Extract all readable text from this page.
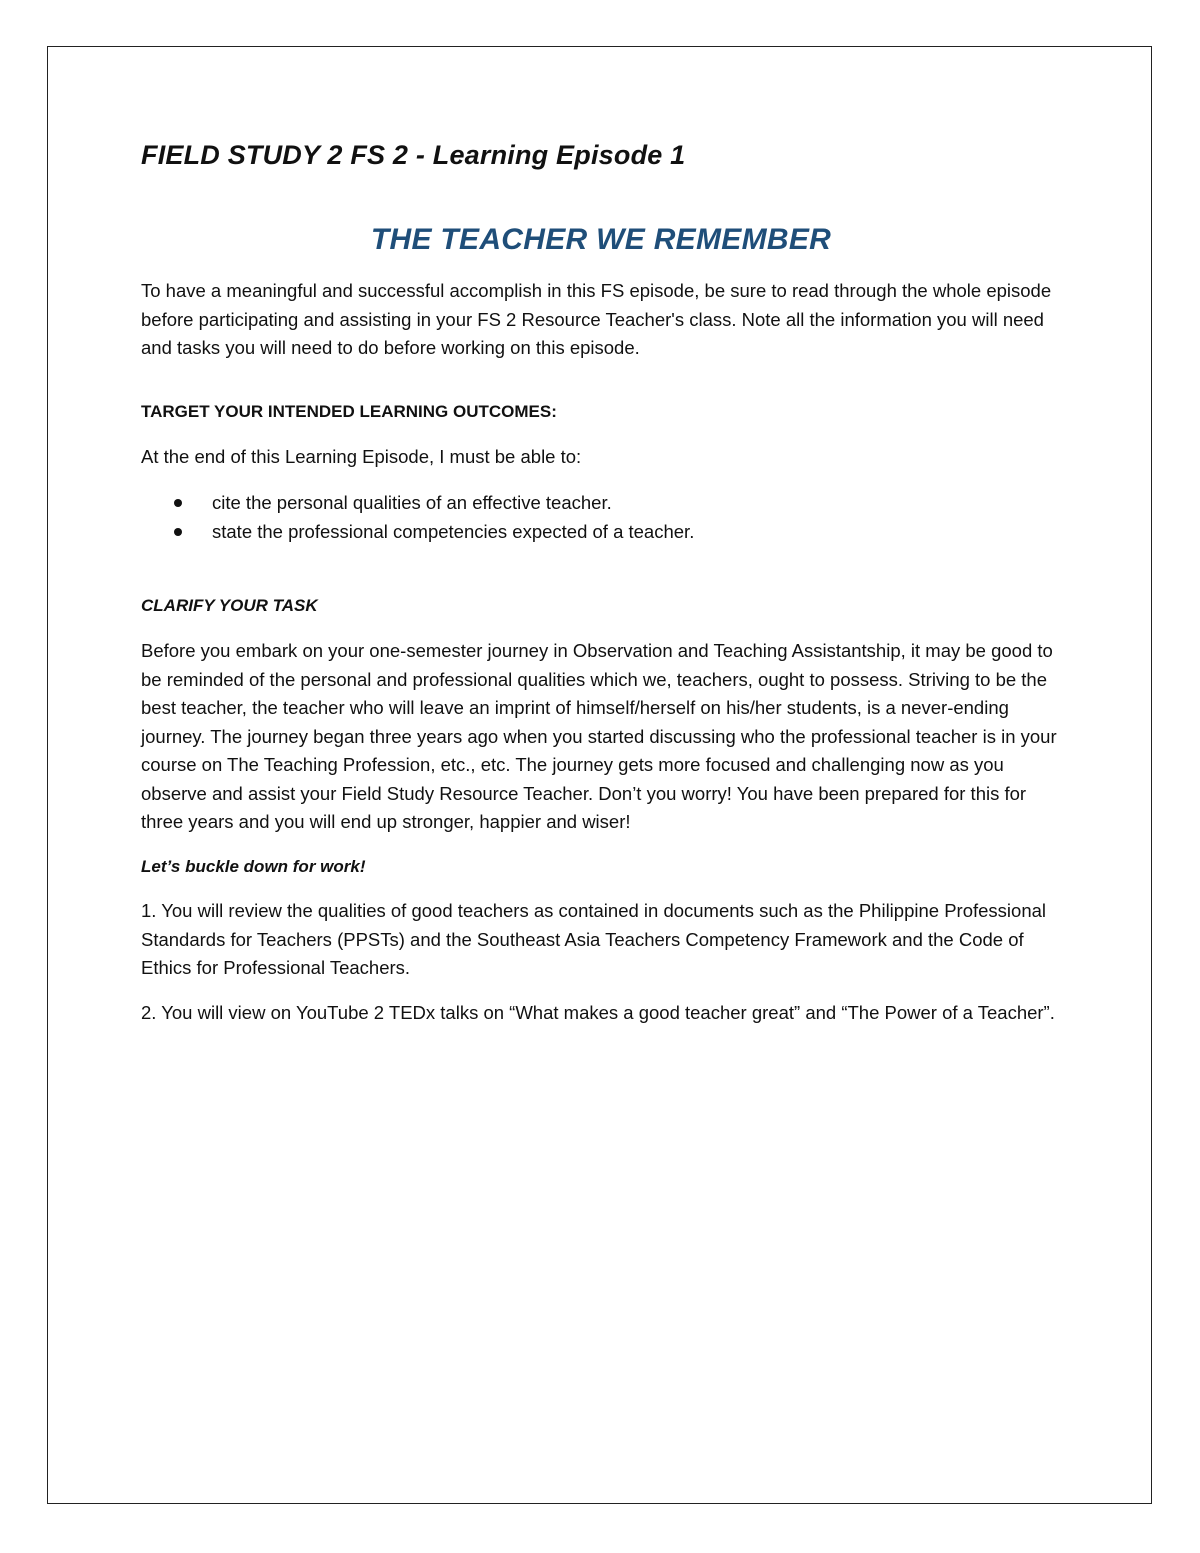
FIELD STUDY 2 FS 2 - Learning Episode 1
THE TEACHER WE REMEMBER

To have a meaningful and successful accomplish in this FS episode, be sure to read through the whole episode before participating and assisting in your FS 2 Resource Teacher's class. Note all the information you will need and tasks you will need to do before working on this episode.

TARGET YOUR INTENDED LEARNING OUTCOMES:

At the end of this Learning Episode, I must be able to:

cite the personal qualities of an effective teacher.
state the professional competencies expected of a teacher.

CLARIFY YOUR TASK

Before you embark on your one-semester journey in Observation and Teaching Assistantship, it may be good to be reminded of the personal and professional qualities which we, teachers, ought to possess. Striving to be the best teacher, the teacher who will leave an imprint of himself/herself on his/her students, is a never-ending journey. The journey began three years ago when you started discussing who the professional teacher is in your course on The Teaching Profession, etc., etc. The journey gets more focused and challenging now as you observe and assist your Field Study Resource Teacher. Don’t you worry! You have been prepared for this for three years and you will end up stronger, happier and wiser!

Let’s buckle down for work!

1. You will review the qualities of good teachers as contained in documents such as the Philippine Professional Standards for Teachers (PPSTs) and the Southeast Asia Teachers Competency Framework and the Code of Ethics for Professional Teachers.

2. You will view on YouTube 2 TEDx talks on “What makes a good teacher great” and “The Power of a Teacher”.
